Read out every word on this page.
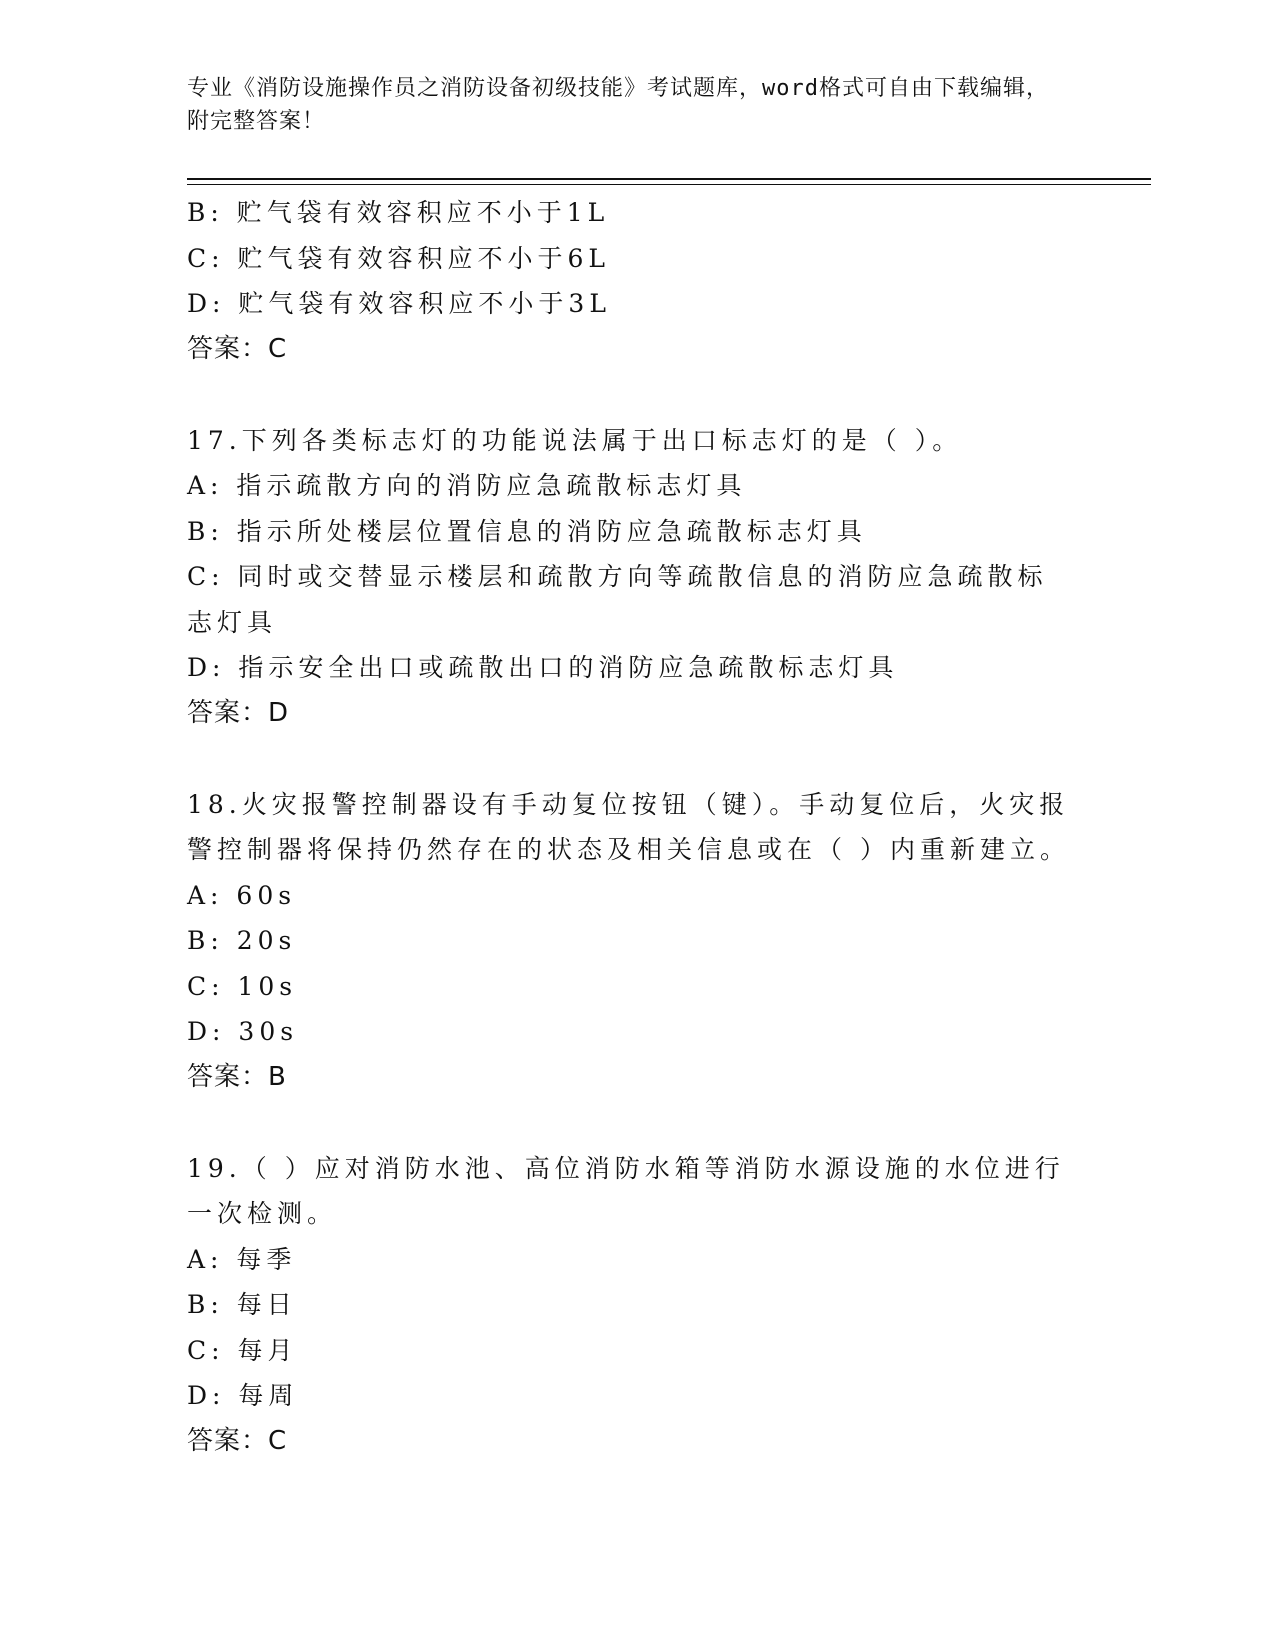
专业《消防设施操作员之消防设备初级技能》考试题库，word格式可自由下载编辑，附完整答案！
B: 贮气袋有效容积应不小于1L
C: 贮气袋有效容积应不小于6L
D: 贮气袋有效容积应不小于3L
答案：C
17.下列各类标志灯的功能说法属于出口标志灯的是（ ）。
A: 指示疏散方向的消防应急疏散标志灯具
B: 指示所处楼层位置信息的消防应急疏散标志灯具
C: 同时或交替显示楼层和疏散方向等疏散信息的消防应急疏散标志灯具
D: 指示安全出口或疏散出口的消防应急疏散标志灯具
答案：D
18.火灾报警控制器设有手动复位按钮（键）。手动复位后，火灾报警控制器将保持仍然存在的状态及相关信息或在（ ）内重新建立。
A: 60s
B: 20s
C: 10s
D: 30s
答案：B
19.（ ）应对消防水池、高位消防水箱等消防水源设施的水位进行一次检测。
A: 每季
B: 每日
C: 每月
D: 每周
答案：C
